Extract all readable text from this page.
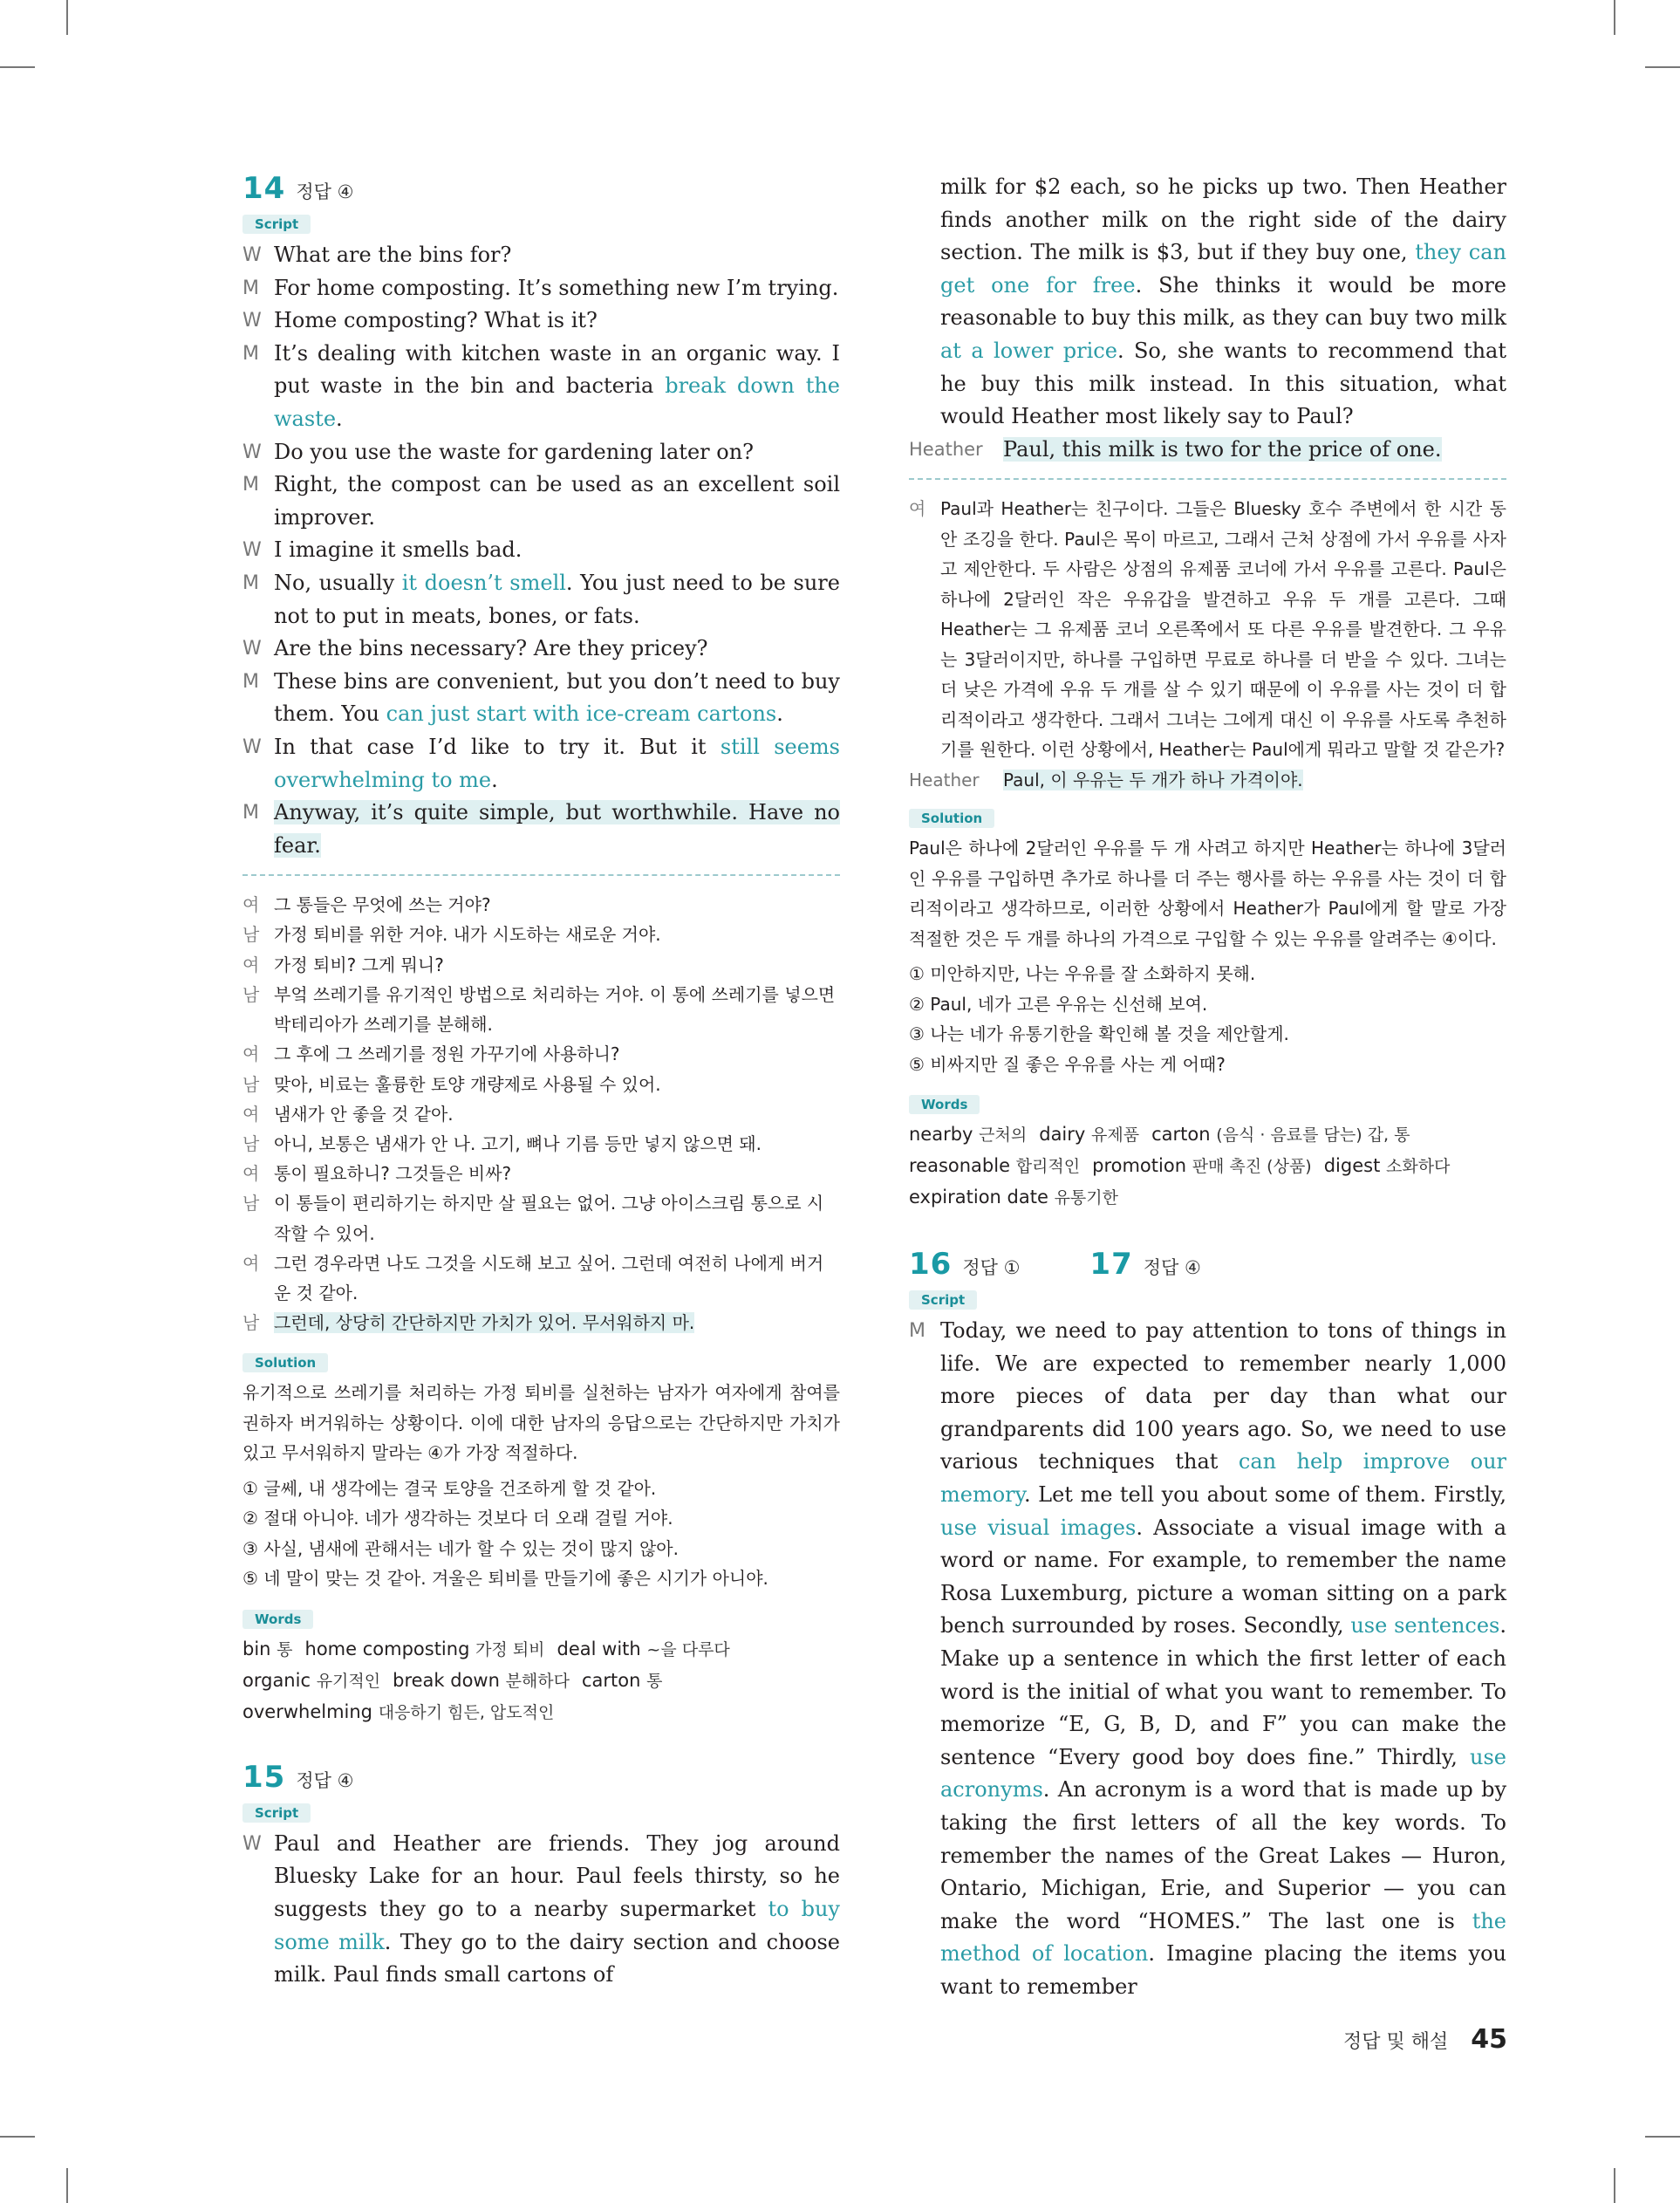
14 정답 ④
Script
W What are the bins for?
M For home composting. It’s something new I’m trying.
W Home composting? What is it?
M It’s dealing with kitchen waste in an organic way. I put waste in the bin and bacteria break down the waste.
W Do you use the waste for gardening later on?
M Right, the compost can be used as an excellent soil improver.
W I imagine it smells bad.
M No, usually it doesn’t smell. You just need to be sure not to put in meats, bones, or fats.
W Are the bins necessary? Are they pricey?
M These bins are convenient, but you don’t need to buy them. You can just start with ice-cream cartons.
W In that case I’d like to try it. But it still seems overwhelming to me.
M Anyway, it’s quite simple, but worthwhile. Have no fear.
여 그 통들은 무엇에 쓰는 거야?
남 가정 퇴비를 위한 거야. 내가 시도하는 새로운 거야.
여 가정 퇴비? 그게 뭐니?
남 부엌 쓰레기를 유기적인 방법으로 처리하는 거야. 이 통에 쓰레기를 넣으면 박테리아가 쓰레기를 분해해.
여 그 후에 그 쓰레기를 정원 가꾸기에 사용하니?
남 맞아, 비료는 훌륭한 토양 개량제로 사용될 수 있어.
여 냄새가 안 좋을 것 같아.
남 아니, 보통은 냄새가 안 나. 고기, 뼈나 기름 등만 넣지 않으면 돼.
여 통이 필요하니? 그것들은 비싸?
남 이 통들이 편리하기는 하지만 살 필요는 없어. 그냥 아이스크림 통으로 시작할 수 있어.
여 그런 경우라면 나도 그것을 시도해 보고 싶어. 그런데 여전히 나에게 버거운 것 같아.
남 그런데, 상당히 간단하지만 가치가 있어. 무서워하지 마.
Solution
유기적으로 쓰레기를 처리하는 가정 퇴비를 실천하는 남자가 여자에게 참여를 권하자 버거워하는 상황이다. 이에 대한 남자의 응답으로는 간단하지만 가치가 있고 무서워하지 말라는 ④가 가장 적절하다.
① 글쎄, 내 생각에는 결국 토양을 건조하게 할 것 같아.
② 절대 아니야. 네가 생각하는 것보다 더 오래 걸릴 거야.
③ 사실, 냄새에 관해서는 네가 할 수 있는 것이 많지 않아.
⑤ 네 말이 맞는 것 같아. 겨울은 퇴비를 만들기에 좋은 시기가 아니야.
Words
bin 통 home composting 가정 퇴비 deal with ~을 다루다
organic 유기적인 break down 분해하다 carton 통
overwhelming 대응하기 힘든, 압도적인
15 정답 ④
Script
W Paul and Heather are friends. They jog around Bluesky Lake for an hour. Paul feels thirsty, so he suggests they go to a nearby supermarket to buy some milk. They go to the dairy section and choose milk. Paul finds small cartons of
milk for $2 each, so he picks up two. Then Heather finds another milk on the right side of the dairy section. The milk is $3, but if they buy one, they can get one for free. She thinks it would be more reasonable to buy this milk, as they can buy two milk at a lower price. So, she wants to recommend that he buy this milk instead. In this situation, what would Heather most likely say to Paul?
Heather Paul, this milk is two for the price of one.
여 Paul과 Heather는 친구이다. 그들은 Bluesky 호수 주변에서 한 시간 동안 조깅을 한다. Paul은 목이 마르고, 그래서 근처 상점에 가서 우유를 사자고 제안한다. 두 사람은 상점의 유제품 코너에 가서 우유를 고른다. Paul은 하나에 2달러인 작은 우유갑을 발견하고 우유 두 개를 고른다. 그때 Heather는 그 유제품 코너 오른쪽에서 또 다른 우유를 발견한다. 그 우유는 3달러이지만, 하나를 구입하면 무료로 하나를 더 받을 수 있다. 그녀는 더 낮은 가격에 우유 두 개를 살 수 있기 때문에 이 우유를 사는 것이 더 합리적이라고 생각한다. 그래서 그녀는 그에게 대신 이 우유를 사도록 추천하기를 원한다. 이런 상황에서, Heather는 Paul에게 뭐라고 말할 것 같은가?
Heather	Paul, 이 우유는 두 개가 하나 가격이야.
Solution
Paul은 하나에 2달러인 우유를 두 개 사려고 하지만 Heather는 하나에 3달러인 우유를 구입하면 추가로 하나를 더 주는 행사를 하는 우유를 사는 것이 더 합리적이라고 생각하므로, 이러한 상황에서 Heather가 Paul에게 할 말로 가장 적절한 것은 두 개를 하나의 가격으로 구입할 수 있는 우유를 알려주는 ④이다.
① 미안하지만, 나는 우유를 잘 소화하지 못해.
② Paul, 네가 고른 우유는 신선해 보여.
③ 나는 네가 유통기한을 확인해 볼 것을 제안할게.
⑤ 비싸지만 질 좋은 우유를 사는 게 어때?
Words
nearby 근처의 dairy 유제품 carton (음식 · 음료를 담는) 갑, 통
reasonable 합리적인 promotion 판매 촉진 (상품) digest 소화하다
expiration date 유통기한
16 정답 ① 17 정답 ④
Script
M Today, we need to pay attention to tons of things in life. We are expected to remember nearly 1,000 more pieces of data per day than what our grandparents did 100 years ago. So, we need to use various techniques that can help improve our memory. Let me tell you about some of them. Firstly, use visual images. Associate a visual image with a word or name. For example, to remember the name Rosa Luxemburg, picture a woman sitting on a park bench surrounded by roses. Secondly, use sentences. Make up a sentence in which the first letter of each word is the initial of what you want to remember. To memorize “E, G, B, D, and F” you can make the sentence “Every good boy does fine.” Thirdly, use acronyms. An acronym is a word that is made up by taking the first letters of all the key words. To remember the names of the Great Lakes — Huron, Ontario, Michigan, Erie, and Superior — you can make the word “HOMES.” The last one is the method of location. Imagine placing the items you want to remember
정답 및 해설 45
